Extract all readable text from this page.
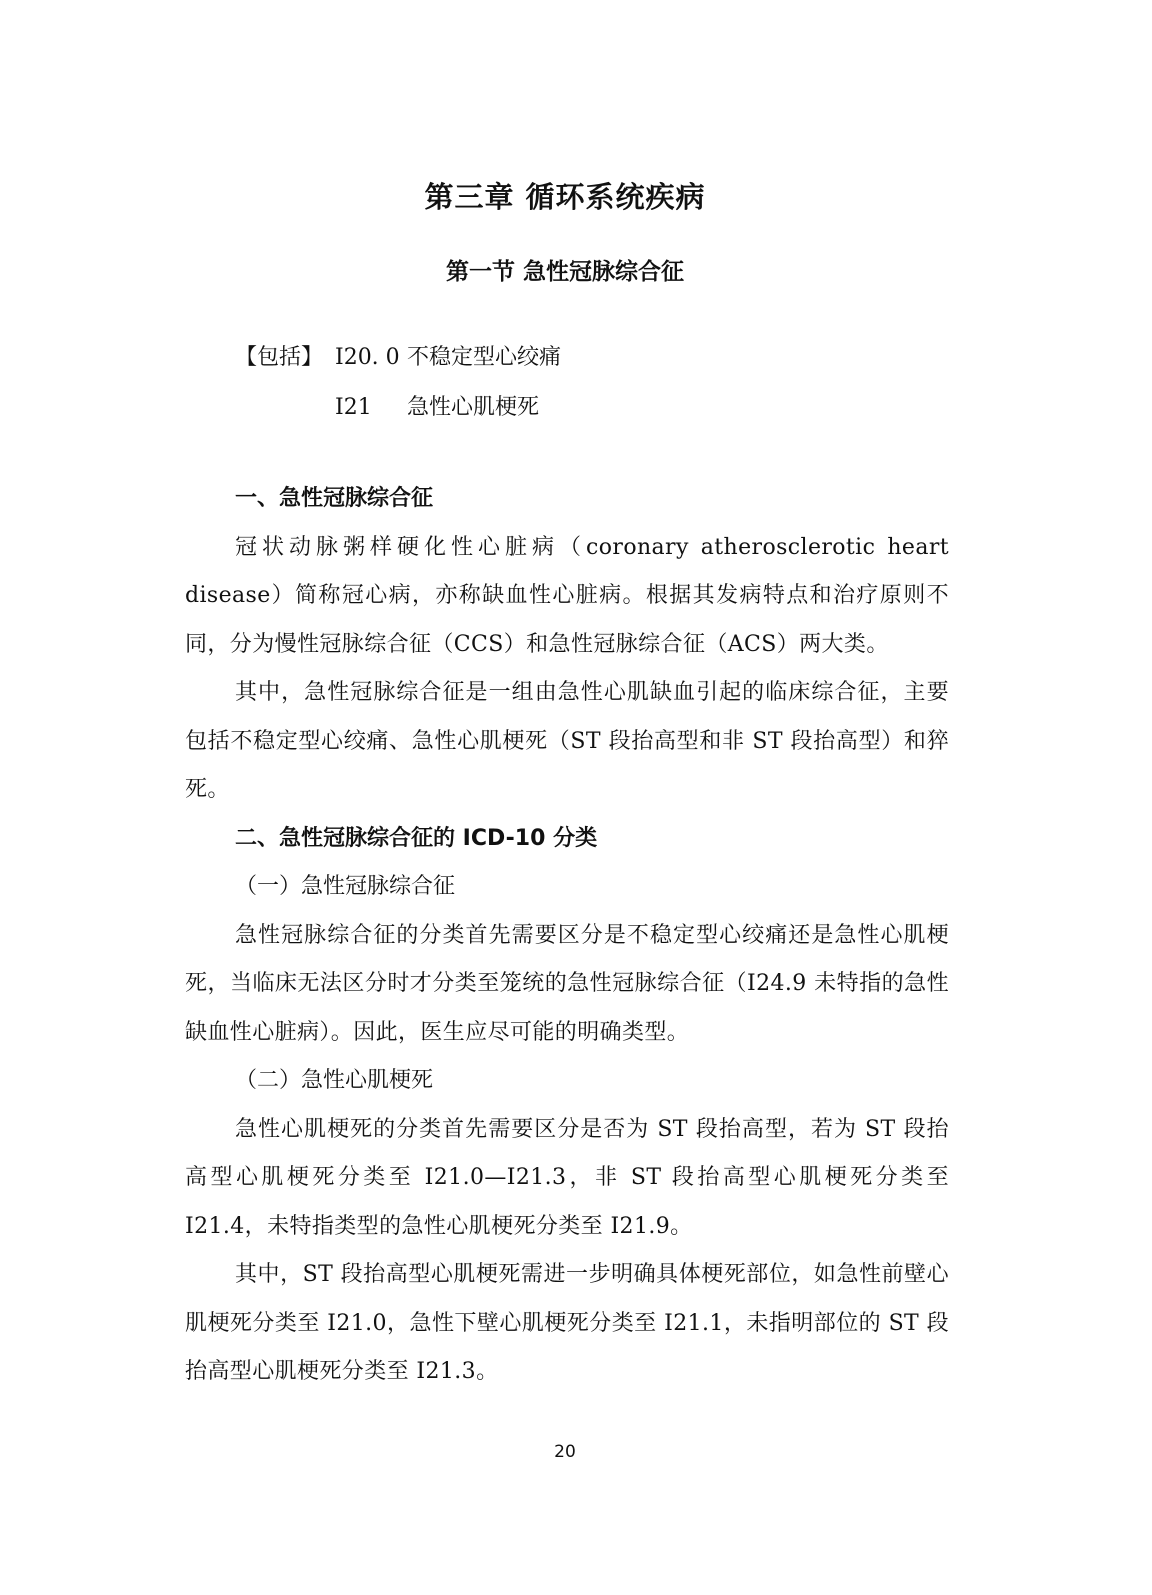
第三章 循环系统疾病
第一节 急性冠脉综合征
【包括】 I20. 0 不稳定型心绞痛
I21	急性心肌梗死

一、急性冠脉综合征

冠状动脉粥样硬化性心脏病（coronary atherosclerotic heart disease）简称冠心病，亦称缺血性心脏病。根据其发病特点和治疗原则不同，分为慢性冠脉综合征（CCS）和急性冠脉综合征（ACS）两大类。

其中，急性冠脉综合征是一组由急性心肌缺血引起的临床综合征，主要包括不稳定型心绞痛、急性心肌梗死（ST 段抬高型和非 ST 段抬高型）和猝死。

二、急性冠脉综合征的 ICD-10 分类

（一）急性冠脉综合征

急性冠脉综合征的分类首先需要区分是不稳定型心绞痛还是急性心肌梗死，当临床无法区分时才分类至笼统的急性冠脉综合征（I24.9 未特指的急性缺血性心脏病）。因此，医生应尽可能的明确类型。

（二）急性心肌梗死

急性心肌梗死的分类首先需要区分是否为 ST 段抬高型，若为 ST 段抬高型心肌梗死分类至 I21.0—I21.3，非 ST 段抬高型心肌梗死分类至 I21.4，未特指类型的急性心肌梗死分类至 I21.9。

其中，ST 段抬高型心肌梗死需进一步明确具体梗死部位，如急性前壁心肌梗死分类至 I21.0，急性下壁心肌梗死分类至 I21.1，未指明部位的 ST 段抬高型心肌梗死分类至 I21.3。

20
